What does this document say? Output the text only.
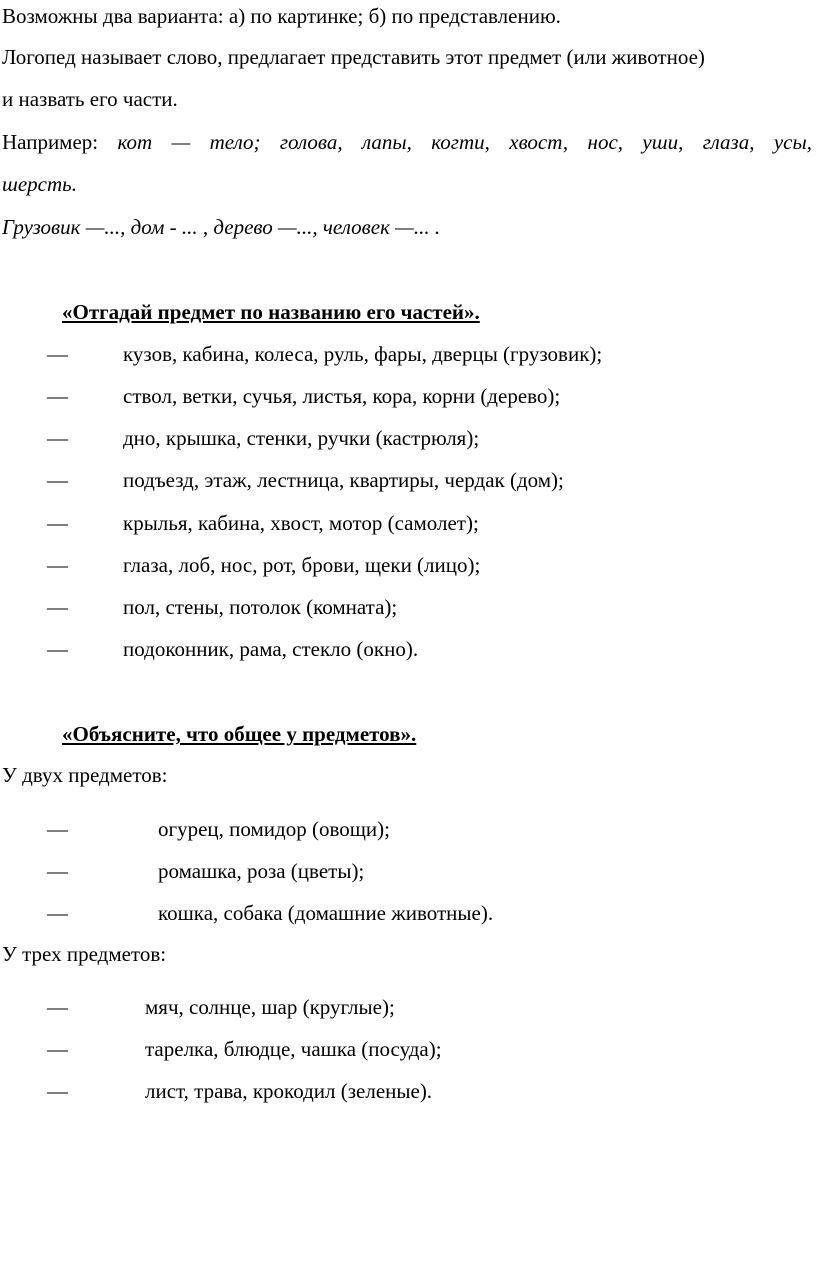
Возможны два варианта: а) по картинке; б) по представлению.
Логопед называет слово, предлагает представить этот предмет (или животное)
и назвать его части.
Например: кот — тело; голова, лапы, когти, хвост, нос, уши, глаза, усы,
шерсть.
Грузовик —..., дом - ... , дерево —..., человек —... .
«Отгадай предмет по названию его частей».
—	кузов, кабина, колеса, руль, фары, дверцы (грузовик);
—	ствол, ветки, сучья, листья, кора, корни (дерево);
—	дно, крышка, стенки, ручки (кастрюля);
—	подъезд, этаж, лестница, квартиры, чердак (дом);
—	крылья, кабина, хвост, мотор (самолет);
—	глаза, лоб, нос, рот, брови, щеки (лицо);
—	пол, стены, потолок (комната);
—	подоконник, рама, стекло (окно).
«Объясните, что общее у предметов».
У двух предметов:
—	огурец, помидор (овощи);
—	ромашка, роза (цветы);
—	кошка, собака (домашние животные).
У трех предметов:
—	мяч, солнце, шар (круглые);
—	тарелка, блюдце, чашка (посуда);
—	лист, трава, крокодил (зеленые).
